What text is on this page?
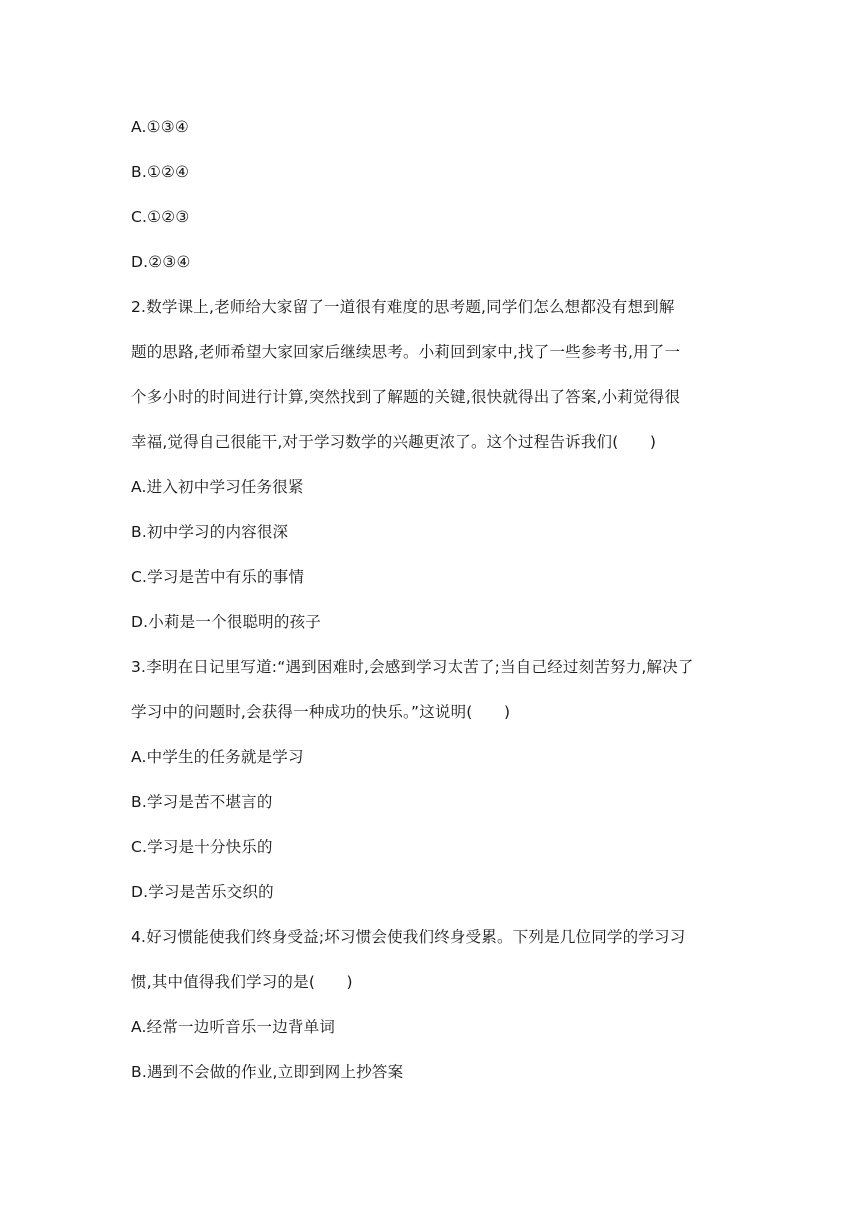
A.①③④
B.①②④
C.①②③
D.②③④
2.数学课上,老师给大家留了一道很有难度的思考题,同学们怎么想都没有想到解
题的思路,老师希望大家回家后继续思考。小莉回到家中,找了一些参考书,用了一
个多小时的时间进行计算,突然找到了解题的关键,很快就得出了答案,小莉觉得很
幸福,觉得自己很能干,对于学习数学的兴趣更浓了。这个过程告诉我们(　　)
A.进入初中学习任务很紧
B.初中学习的内容很深
C.学习是苦中有乐的事情
D.小莉是一个很聪明的孩子
3.李明在日记里写道:“遇到困难时,会感到学习太苦了;当自己经过刻苦努力,解决了
学习中的问题时,会获得一种成功的快乐。”这说明(　　)
A.中学生的任务就是学习
B.学习是苦不堪言的
C.学习是十分快乐的
D.学习是苦乐交织的
4.好习惯能使我们终身受益;坏习惯会使我们终身受累。下列是几位同学的学习习
惯,其中值得我们学习的是(　　)
A.经常一边听音乐一边背单词
B.遇到不会做的作业,立即到网上抄答案
